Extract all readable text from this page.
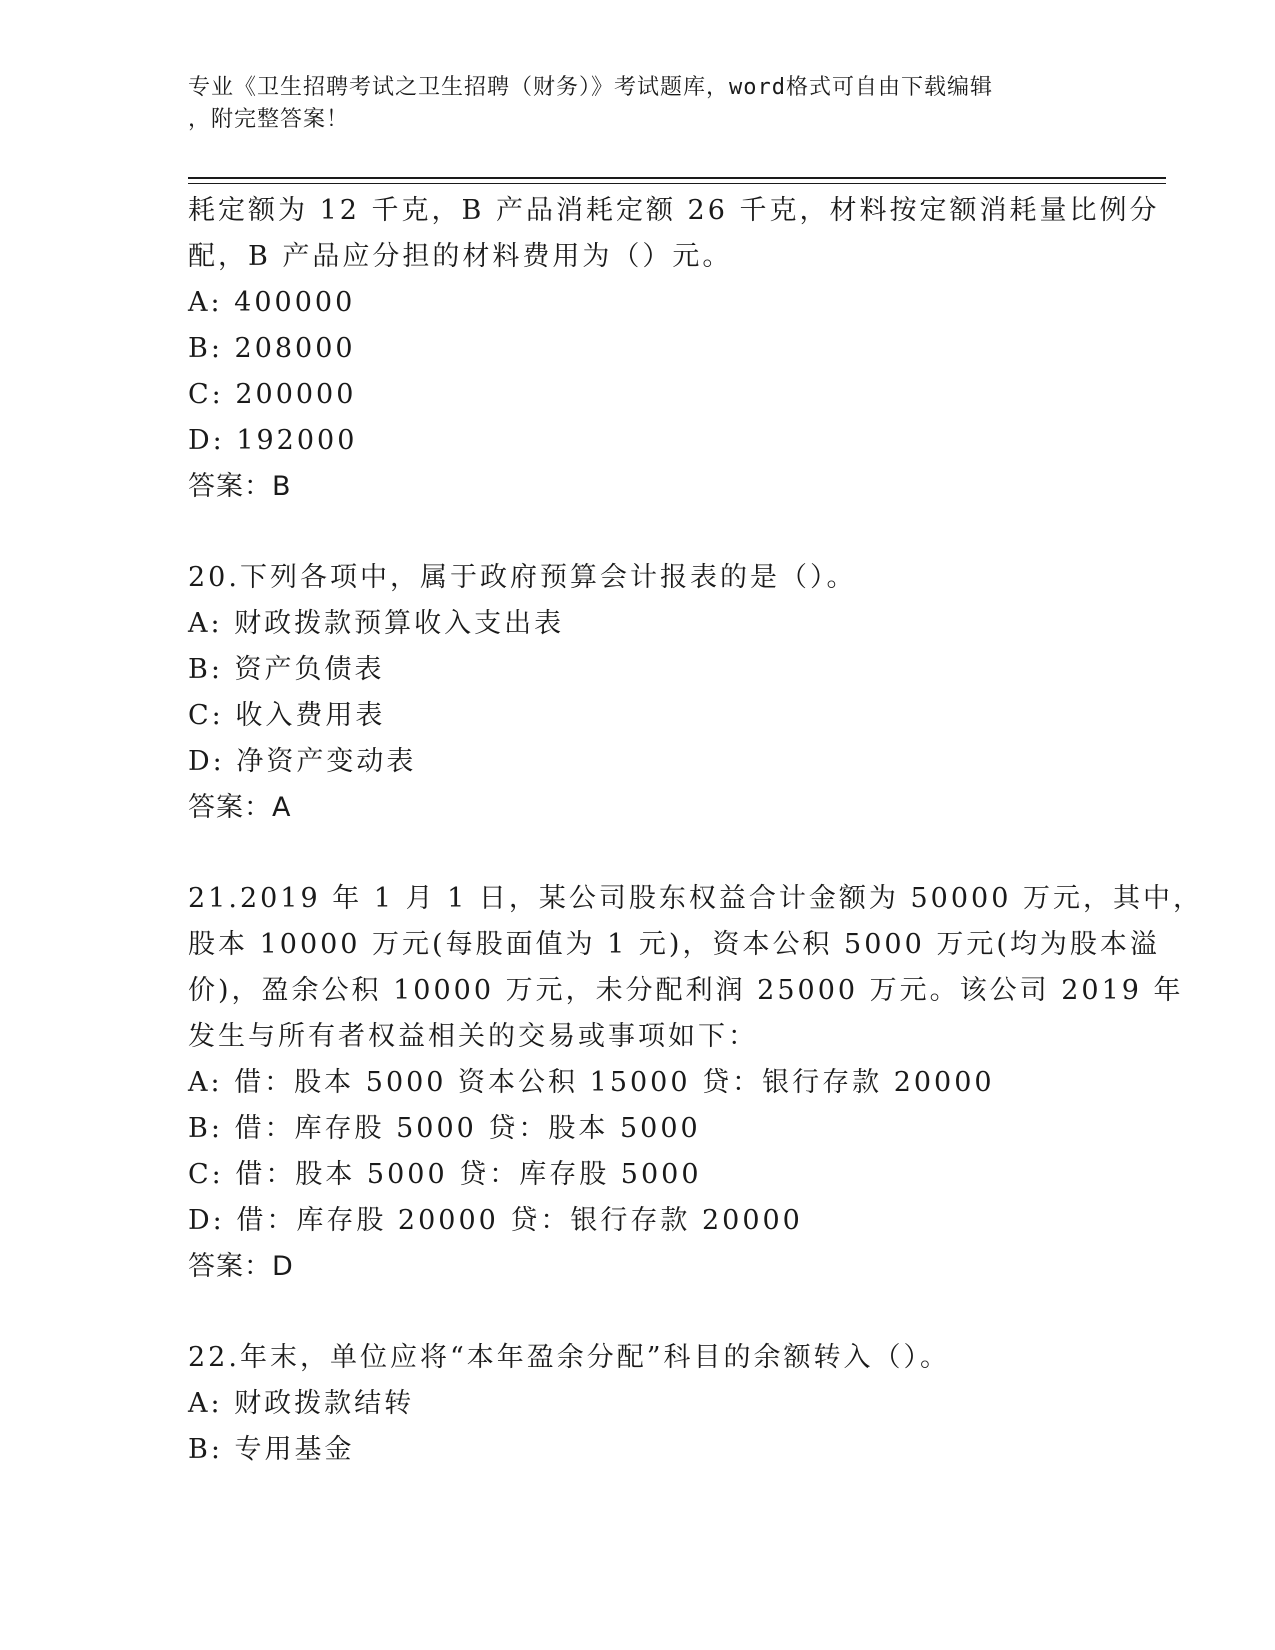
专业《卫生招聘考试之卫生招聘（财务）》考试题库，word格式可自由下载编辑
，附完整答案！
耗定额为 12 千克，B 产品消耗定额 26 千克，材料按定额消耗量比例分
配，B 产品应分担的材料费用为（）元。
A: 400000
B: 208000
C: 200000
D: 192000
答案：B
20.下列各项中，属于政府预算会计报表的是（）。
A: 财政拨款预算收入支出表
B: 资产负债表
C: 收入费用表
D: 净资产变动表
答案：A
21.2019 年 1 月 1 日，某公司股东权益合计金额为 50000 万元，其中，
股本 10000 万元(每股面值为 1 元)，资本公积 5000 万元(均为股本溢
价)，盈余公积 10000 万元，未分配利润 25000 万元。该公司 2019 年
发生与所有者权益相关的交易或事项如下：
A: 借：股本 5000 资本公积 15000 贷：银行存款 20000
B: 借：库存股 5000 贷：股本 5000
C: 借：股本 5000 贷：库存股 5000
D: 借：库存股 20000 贷：银行存款 20000
答案：D
22.年末，单位应将“本年盈余分配”科目的余额转入（）。
A: 财政拨款结转
B: 专用基金
